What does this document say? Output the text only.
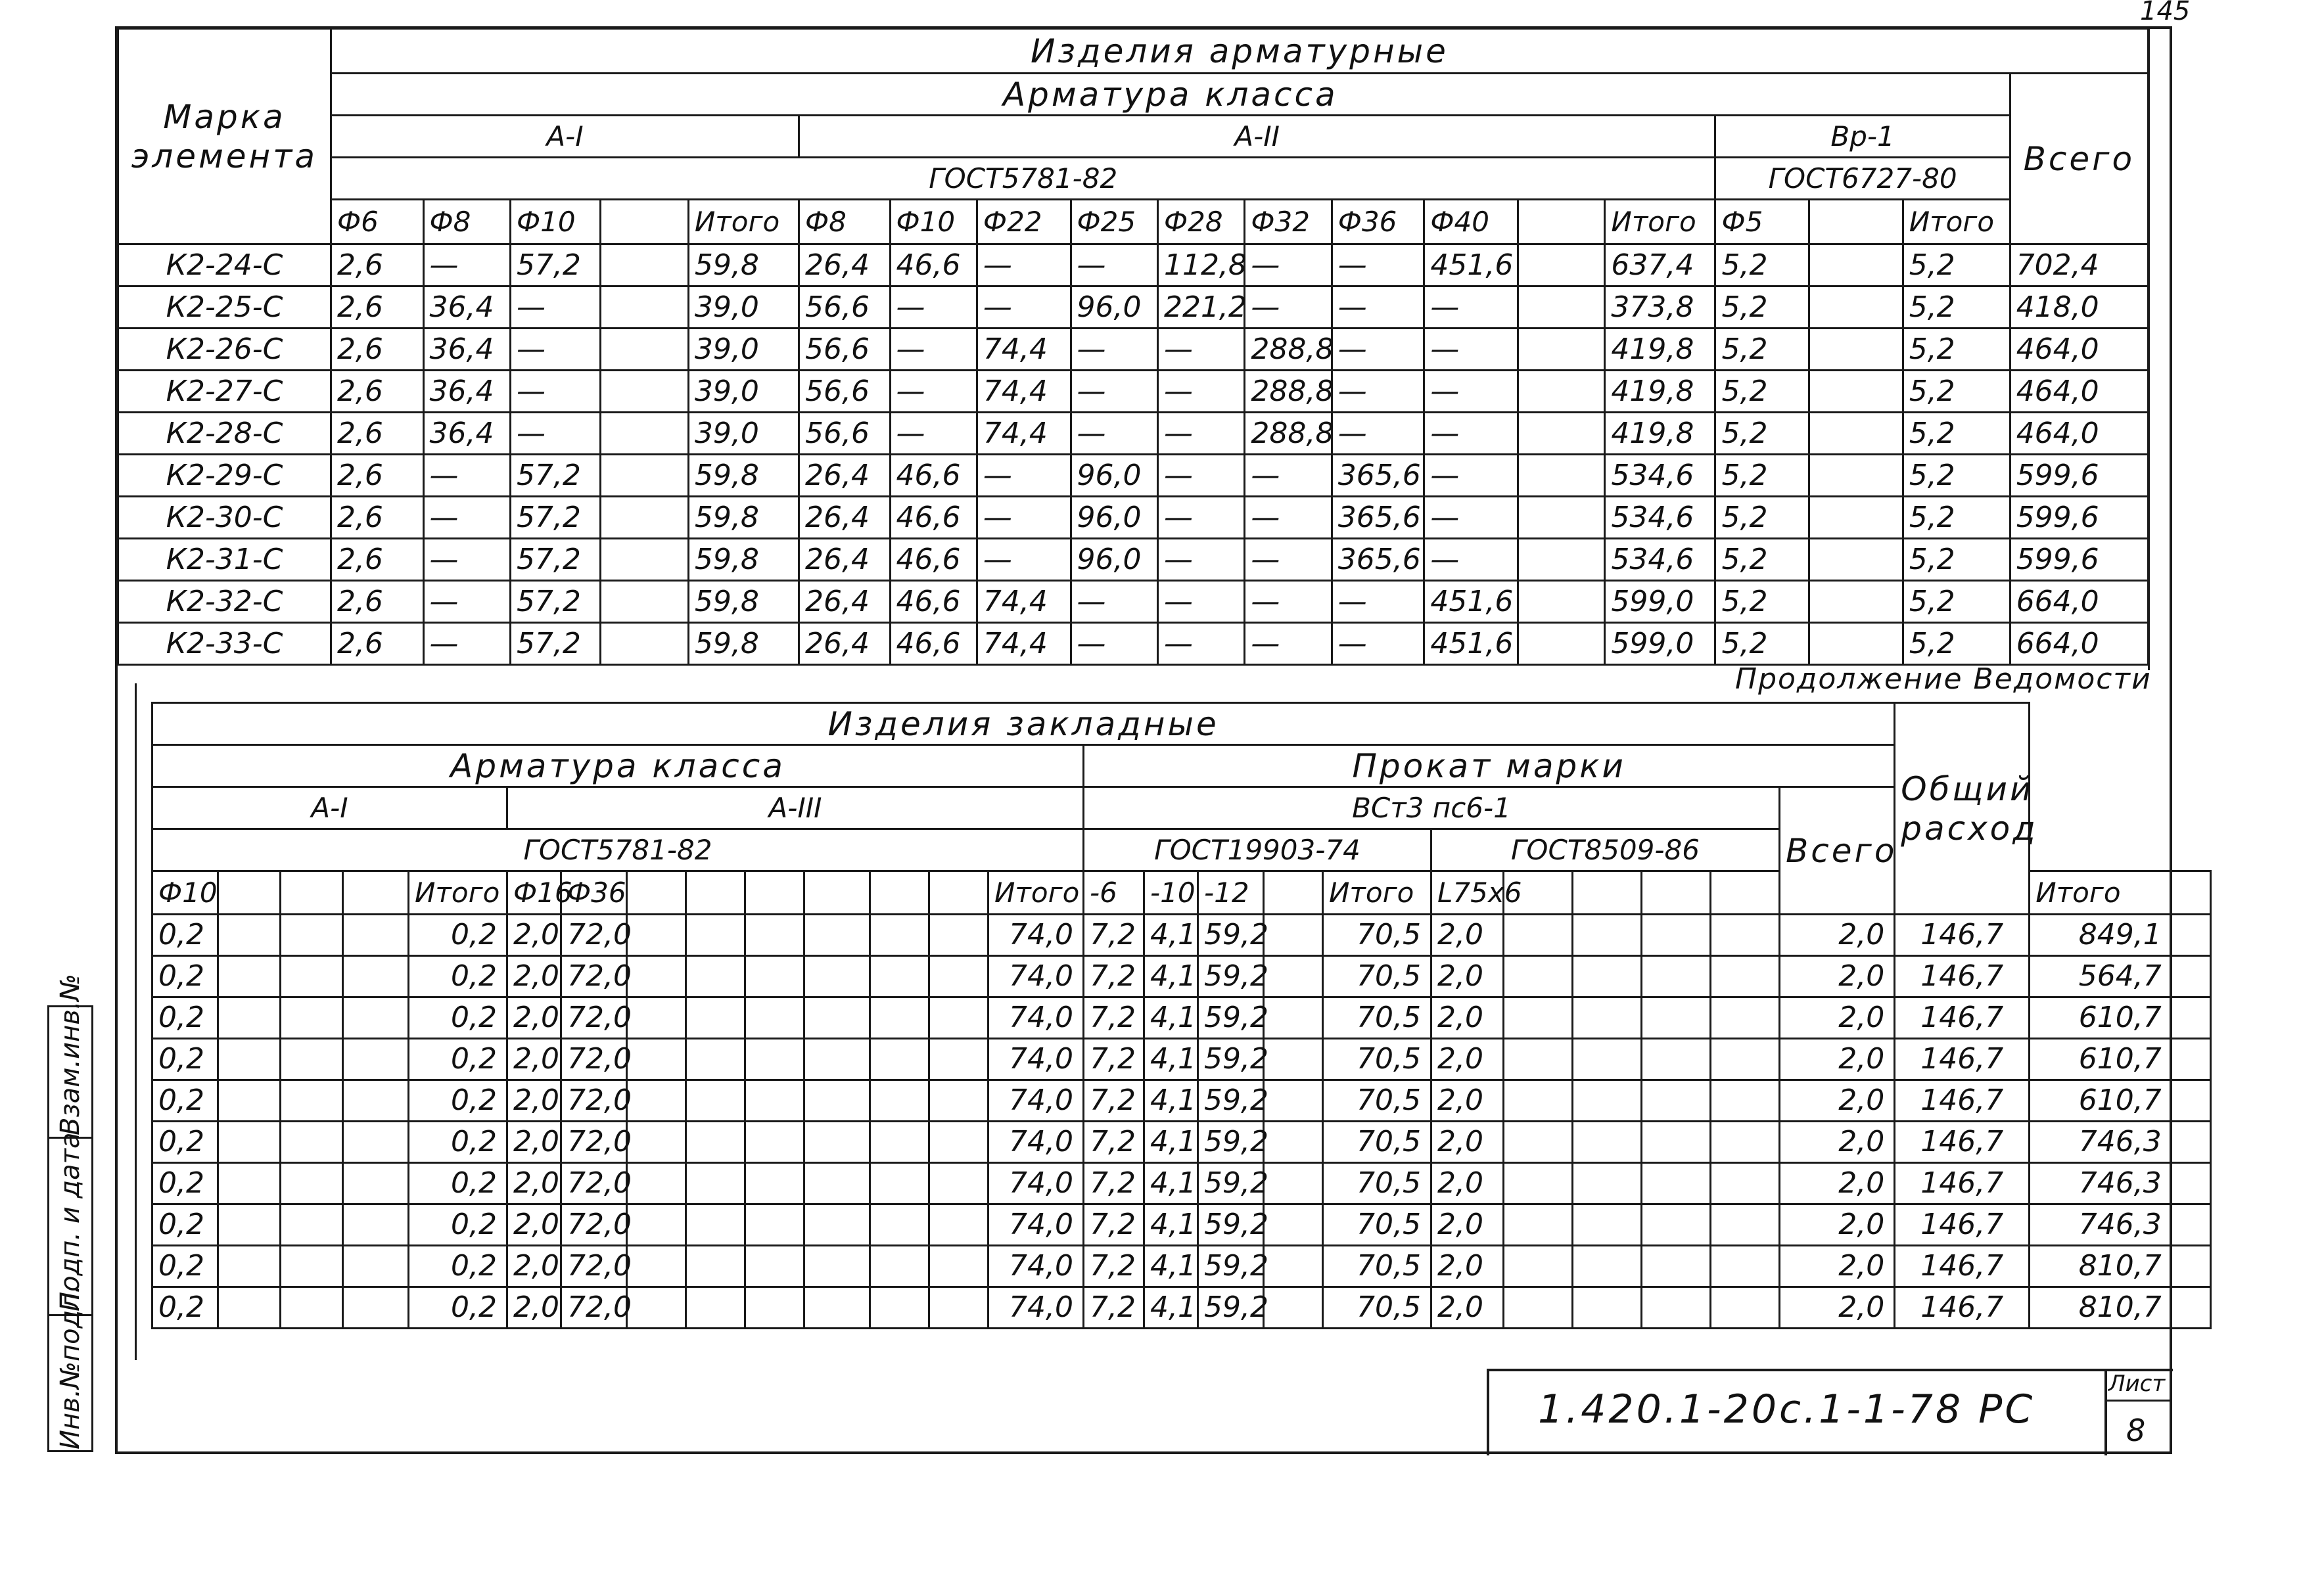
145
Марка элемента	Изделия арматурные																		
	Арматура класса																		Всего
	А-I					А-II										Вр-1			
	ГОСТ5781-82															ГОСТ6727-80			
	Ф6	Ф8	Ф10		Итого	Ф8	Ф10	Ф22	Ф25	Ф28	Ф32	Ф36	Ф40		Итого	Ф5		Итого	
К2-24-С	2,6	—	57,2		59,8	26,4	46,6	—	—	112,8	—	—	451,6		637,4	5,2		5,2	702,4
К2-25-С	2,6	36,4	—		39,0	56,6	—	—	96,0	221,2	—	—	—		373,8	5,2		5,2	418,0
К2-26-С	2,6	36,4	—		39,0	56,6	—	74,4	—	—	288,8	—	—		419,8	5,2		5,2	464,0
К2-27-С	2,6	36,4	—		39,0	56,6	—	74,4	—	—	288,8	—	—		419,8	5,2		5,2	464,0
К2-28-С	2,6	36,4	—		39,0	56,6	—	74,4	—	—	288,8	—	—		419,8	5,2		5,2	464,0
К2-29-С	2,6	—	57,2		59,8	26,4	46,6	—	96,0	—	—	365,6	—		534,6	5,2		5,2	599,6
К2-30-С	2,6	—	57,2		59,8	26,4	46,6	—	96,0	—	—	365,6	—		534,6	5,2		5,2	599,6
К2-31-С	2,6	—	57,2		59,8	26,4	46,6	—	96,0	—	—	365,6	—		534,6	5,2		5,2	599,6
К2-32-С	2,6	—	57,2		59,8	26,4	46,6	74,4	—	—	—	—	451,6		599,0	5,2		5,2	664,0
К2-33-С	2,6	—	57,2		59,8	26,4	46,6	74,4	—	—	—	—	451,6		599,0	5,2		5,2	664,0
Продолжение Ведомости
Изделия закладные																									Общий расход		
Арматура класса														Прокат марки													
А-I					А-III									ВСт3 пс6-1										Всего			
ГОСТ5781-82														ГОСТ19903-74					ГОСТ8509-86								
Ф10				Итого	Ф16	Ф36							Итого	-6	-10	-12		Итого	L75x6							Итого	
0,2				0,2	2,0	72,0							74,0	7,2	4,1	59,2		70,5	2,0					2,0	146,7	849,1	
0,2				0,2	2,0	72,0							74,0	7,2	4,1	59,2		70,5	2,0					2,0	146,7	564,7	
0,2				0,2	2,0	72,0							74,0	7,2	4,1	59,2		70,5	2,0					2,0	146,7	610,7	
0,2				0,2	2,0	72,0							74,0	7,2	4,1	59,2		70,5	2,0					2,0	146,7	610,7	
0,2				0,2	2,0	72,0							74,0	7,2	4,1	59,2		70,5	2,0					2,0	146,7	610,7	
0,2				0,2	2,0	72,0							74,0	7,2	4,1	59,2		70,5	2,0					2,0	146,7	746,3	
0,2				0,2	2,0	72,0							74,0	7,2	4,1	59,2		70,5	2,0					2,0	146,7	746,3	
0,2				0,2	2,0	72,0							74,0	7,2	4,1	59,2		70,5	2,0					2,0	146,7	746,3	
0,2				0,2	2,0	72,0							74,0	7,2	4,1	59,2		70,5	2,0					2,0	146,7	810,7	
0,2				0,2	2,0	72,0							74,0	7,2	4,1	59,2		70,5	2,0					2,0	146,7	810,7	
Инв.№подл.
Подп. и дата
Взам.инв.№
1.420.1-20с.1-1-78 РС
Лист
8
